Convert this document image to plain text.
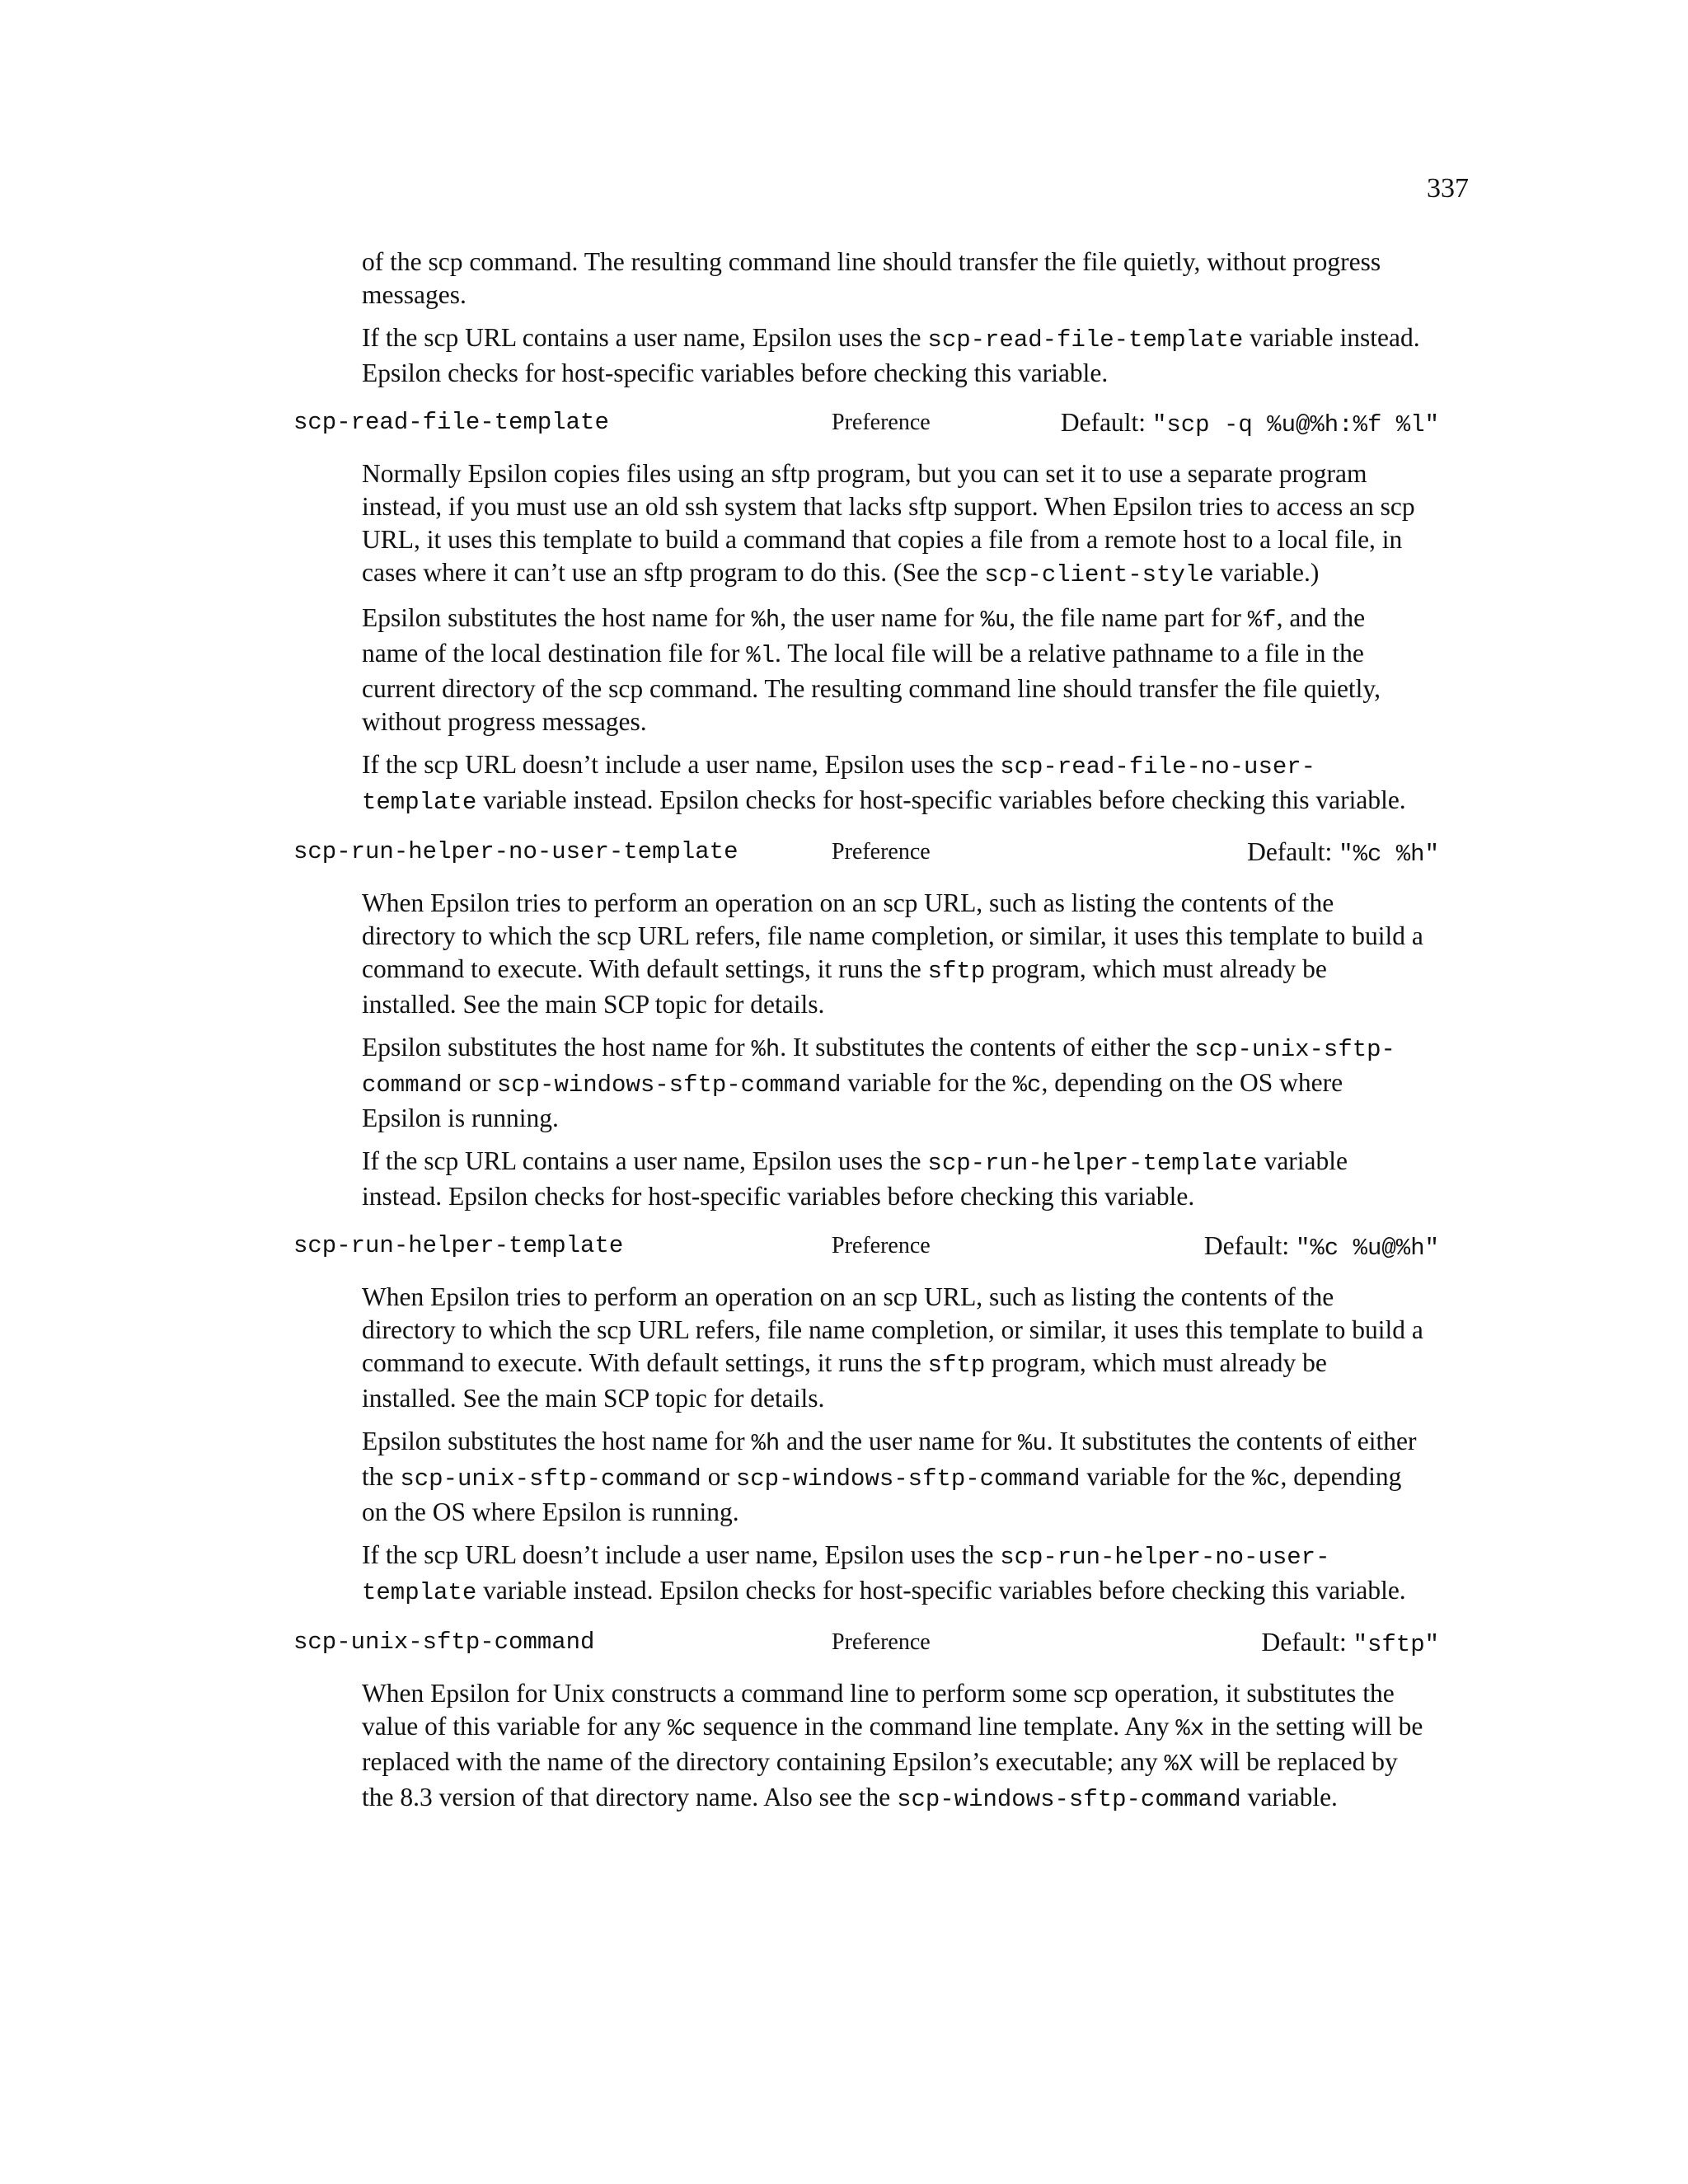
337

of the scp command. The resulting command line should transfer the file quietly, without progress messages.

If the scp URL contains a user name, Epsilon uses the scp-read-file-template variable instead. Epsilon checks for host-specific variables before checking this variable.

scp-read-file-template	Preference	Default: "scp -q %u@%h:%f %l"

Normally Epsilon copies files using an sftp program, but you can set it to use a separate program instead, if you must use an old ssh system that lacks sftp support. When Epsilon tries to access an scp URL, it uses this template to build a command that copies a file from a remote host to a local file, in cases where it can’t use an sftp program to do this. (See the scp-client-style variable.)

Epsilon substitutes the host name for %h, the user name for %u, the file name part for %f, and the name of the local destination file for %l. The local file will be a relative pathname to a file in the current directory of the scp command. The resulting command line should transfer the file quietly, without progress messages.

If the scp URL doesn’t include a user name, Epsilon uses the scp-read-file-no-user-template variable instead. Epsilon checks for host-specific variables before checking this variable.

scp-run-helper-no-user-template	Preference	Default: "%c %h"

When Epsilon tries to perform an operation on an scp URL, such as listing the contents of the directory to which the scp URL refers, file name completion, or similar, it uses this template to build a command to execute. With default settings, it runs the sftp program, which must already be installed. See the main SCP topic for details.

Epsilon substitutes the host name for %h. It substitutes the contents of either the scp-unix-sftp-command or scp-windows-sftp-command variable for the %c, depending on the OS where Epsilon is running.

If the scp URL contains a user name, Epsilon uses the scp-run-helper-template variable instead. Epsilon checks for host-specific variables before checking this variable.

scp-run-helper-template	Preference	Default: "%c %u@%h"

When Epsilon tries to perform an operation on an scp URL, such as listing the contents of the directory to which the scp URL refers, file name completion, or similar, it uses this template to build a command to execute. With default settings, it runs the sftp program, which must already be installed. See the main SCP topic for details.

Epsilon substitutes the host name for %h and the user name for %u. It substitutes the contents of either the scp-unix-sftp-command or scp-windows-sftp-command variable for the %c, depending on the OS where Epsilon is running.

If the scp URL doesn’t include a user name, Epsilon uses the scp-run-helper-no-user-template variable instead. Epsilon checks for host-specific variables before checking this variable.

scp-unix-sftp-command	Preference	Default: "sftp"

When Epsilon for Unix constructs a command line to perform some scp operation, it substitutes the value of this variable for any %c sequence in the command line template. Any %x in the setting will be replaced with the name of the directory containing Epsilon’s executable; any %X will be replaced by the 8.3 version of that directory name. Also see the scp-windows-sftp-command variable.
